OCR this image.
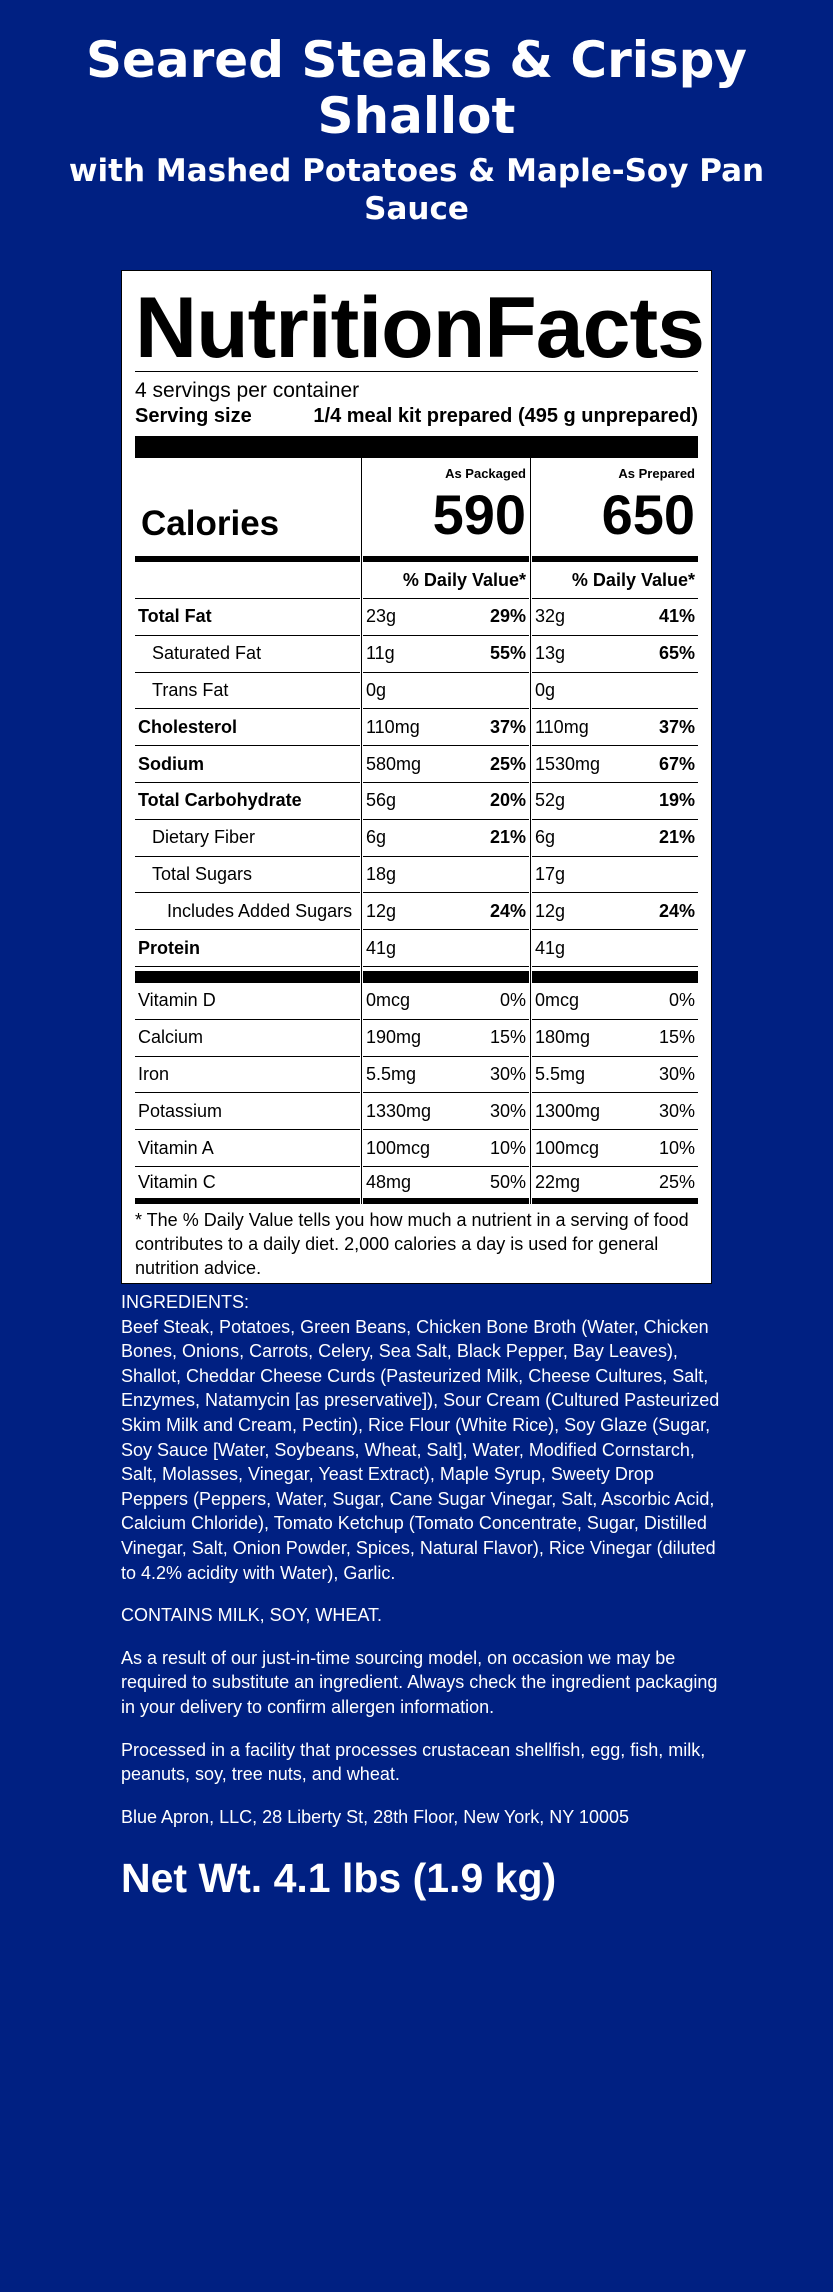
Seared Steaks & Crispy Shallot
with Mashed Potatoes & Maple-Soy Pan Sauce
Nutrition Facts
4 servings per container
Serving size	1/4 meal kit prepared (495 g unprepared)
Calories
As Packaged
590
As Prepared
650
% Daily Value*	% Daily Value*
Total Fat	23g	29% 32g	41%
Saturated Fat	11g	55% 13g	65%
Trans Fat	0g	0g
Cholesterol	110mg	37% 110mg	37%
Sodium	580mg	25% 1530mg	67%
Total Carbohydrate	56g	20% 52g	19%
Dietary Fiber	6g	21% 6g	21%
Total Sugars	18g	17g
Includes Added Sugars 12g	24% 12g	24%
Protein	41g	41g
Vitamin D	0mcg	0% 0mcg	0%
Calcium	190mg	15% 180mg	15%
Iron	5.5mg	30% 5.5mg	30%
Potassium	1330mg	30% 1300mg	30%
Vitamin A	100mcg	10% 100mcg	10%
Vitamin C	48mg	50% 22mg	25%
* The % Daily Value tells you how much a nutrient in a serving of food contributes to a daily diet. 2,000 calories a day is used for general nutrition advice.

INGREDIENTS:
Beef Steak, Potatoes, Green Beans, Chicken Bone Broth (Water, Chicken Bones, Onions, Carrots, Celery, Sea Salt, Black Pepper, Bay Leaves), Shallot, Cheddar Cheese Curds (Pasteurized Milk, Cheese Cultures, Salt, Enzymes, Natamycin [as preservative]), Sour Cream (Cultured Pasteurized Skim Milk and Cream, Pectin), Rice Flour (White Rice), Soy Glaze (Sugar, Soy Sauce [Water, Soybeans, Wheat, Salt], Water, Modified Cornstarch, Salt, Molasses, Vinegar, Yeast Extract), Maple Syrup, Sweety Drop Peppers (Peppers, Water, Sugar, Cane Sugar Vinegar, Salt, Ascorbic Acid, Calcium Chloride), Tomato Ketchup (Tomato Concentrate, Sugar, Distilled Vinegar, Salt, Onion Powder, Spices, Natural Flavor), Rice Vinegar (diluted to 4.2% acidity with Water), Garlic.

CONTAINS MILK, SOY, WHEAT.

As a result of our just-in-time sourcing model, on occasion we may be required to substitute an ingredient. Always check the ingredient packaging in your delivery to confirm allergen information.

Processed in a facility that processes crustacean shellfish, egg, fish, milk, peanuts, soy, tree nuts, and wheat.

Blue Apron, LLC, 28 Liberty St, 28th Floor, New York, NY 10005

Net Wt. 4.1 lbs (1.9 kg)
